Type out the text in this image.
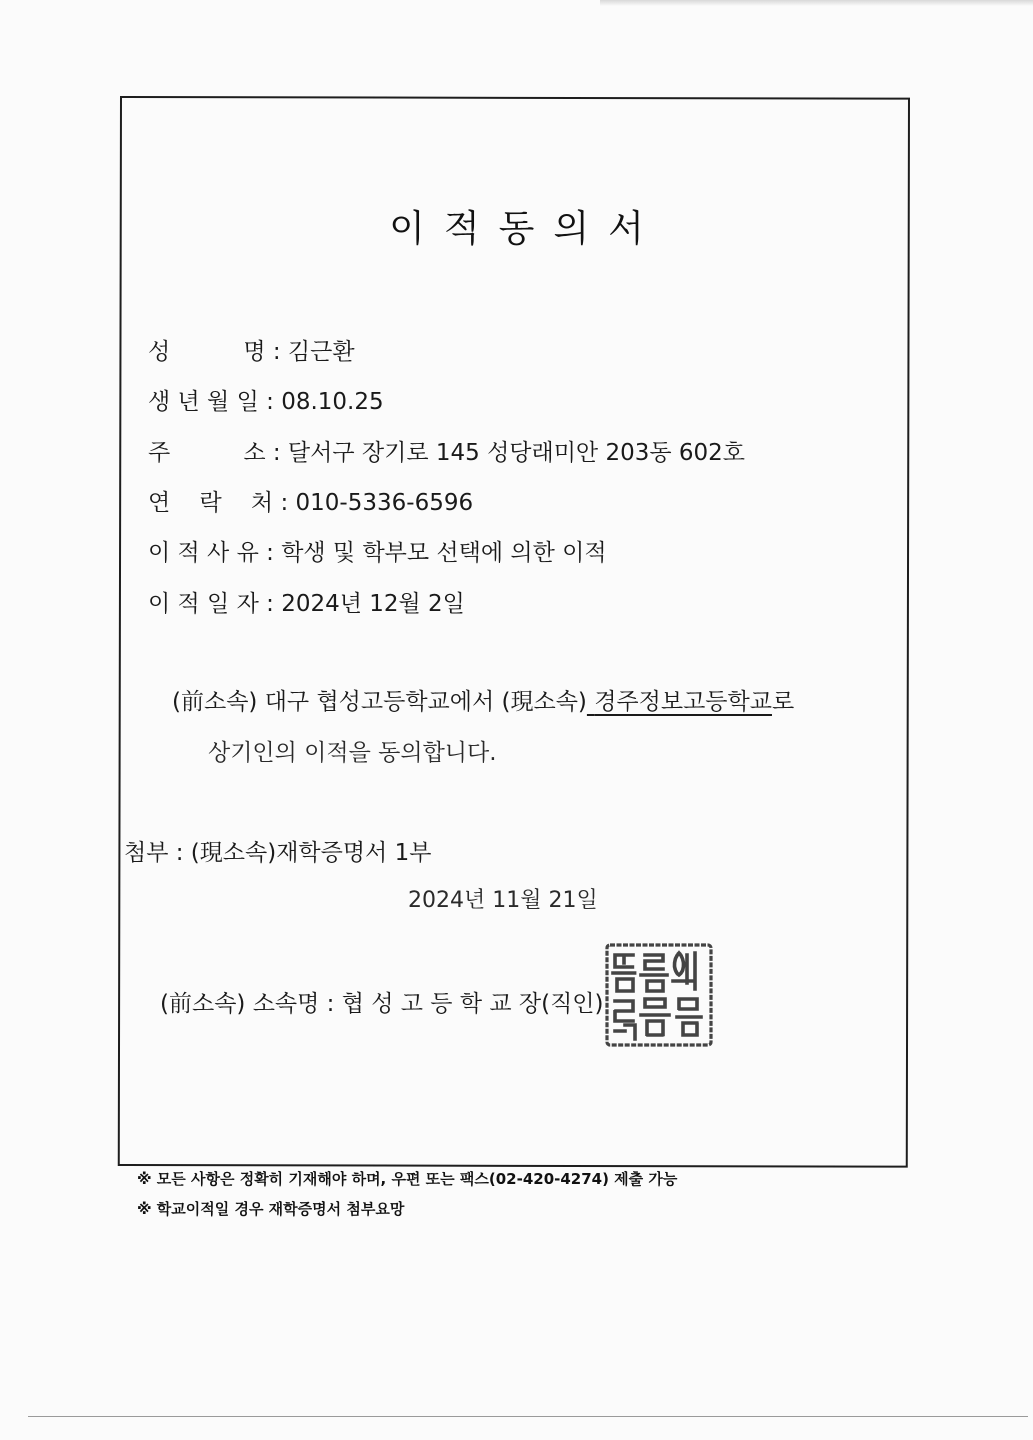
이적동의서
성          명 : 김근환
생 년 월 일 : 08.10.25
주          소 : 달서구 장기로 145 성당래미안 203동 602호
연    락    처 : 010-5336-6596
이 적 사 유 : 학생 및 학부모 선택에 의한 이적
이 적 일 자 : 2024년 12월 2일
(前소속) 대구 협성고등학교에서 (現소속) 경주정보고등학교로
상기인의 이적을 동의합니다.
첨부 : (現소속)재학증명서 1부
2024년 11월 21일
(前소속) 소속명 : 협 성 고 등 학 교 장(직인)
※ 모든 사항은 정확히 기재해야 하며, 우편 또는 팩스(02-420-4274) 제출 가능
※ 학교이적일 경우 재학증명서 첨부요망
